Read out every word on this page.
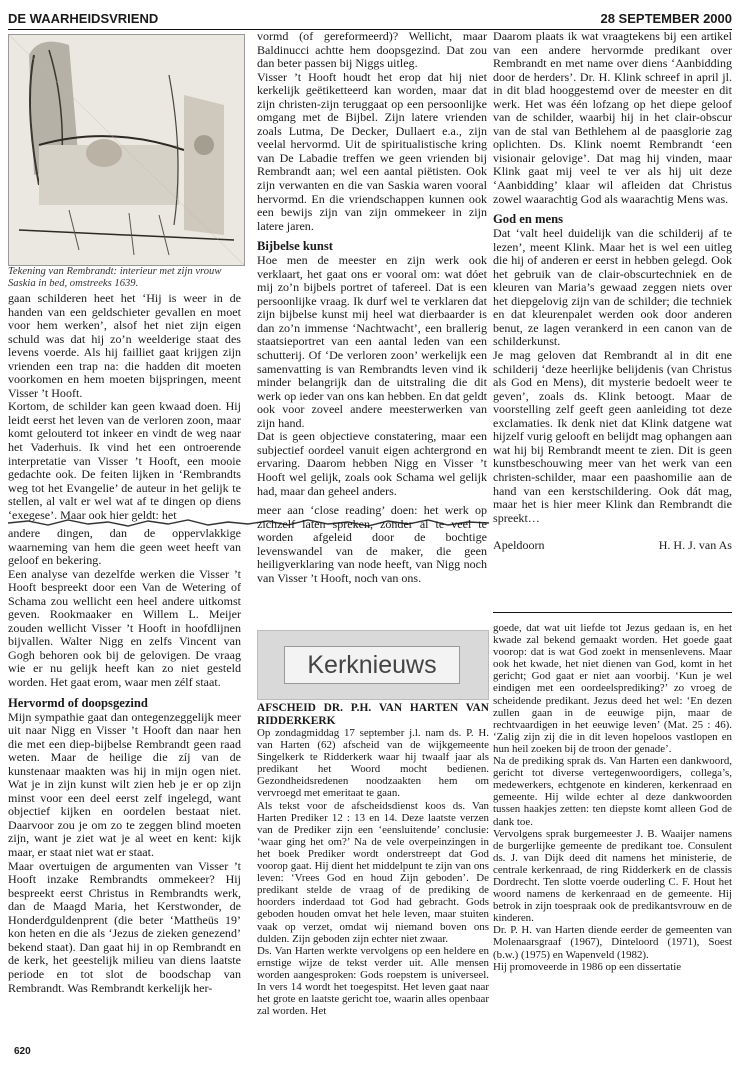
DE WAARHEIDSVRIEND	28 SEPTEMBER 2000
Tekening van Rembrandt: interieur met zijn vrouw Saskia in bed, omstreeks 1639.

gaan schilderen heet het ‘Hij is weer in de handen van een geldschieter gevallen en moet voor hem werken’, alsof het niet zijn eigen schuld was dat hij zo’n weelderige staat des levens voerde. Als hij failliet gaat krijgen zijn vrienden een trap na: die hadden dit moeten voorkomen en hem moeten bijspringen, meent Visser ’t Hooft.

Kortom, de schilder kan geen kwaad doen. Hij leidt eerst het leven van de verloren zoon, maar komt gelouterd tot inkeer en vindt de weg naar het Vaderhuis. Ik vind het een ontroerende interpretatie van Visser ’t Hooft, een mooie gedachte ook. De feiten lijken in ‘Rembrandts weg tot het Evangelie’ de auteur in het gelijk te stellen, al valt er wel wat af te dingen op diens ‘exegese’. Maar ook hier geldt: het

andere dingen, dan de oppervlakkige waarneming van hem die geen weet heeft van geloof en bekering.

Een analyse van dezelfde werken die Visser ’t Hooft bespreekt door een Van de Wetering of Schama zou wellicht een heel andere uitkomst geven. Rookmaaker en Willem L. Meijer zouden wellicht Visser ’t Hooft in hoofdlijnen bijvallen. Walter Nigg en zelfs Vincent van Gogh behoren ook bij de gelovigen. De vraag wie er nu gelijk heeft kan zo niet gesteld worden. Het gaat erom, waar men zélf staat.

Hervormd of doopsgezind

Mijn sympathie gaat dan ontegenzeggelijk meer uit naar Nigg en Visser ’t Hooft dan naar hen die met een diep-bijbelse Rembrandt geen raad weten. Maar de heilige die zíj van de kunstenaar maakten was hij in mijn ogen niet. Wat je in zijn kunst wilt zien heb je er op zijn minst voor een deel eerst zelf ingelegd, want objectief kijken en oordelen bestaat niet. Daarvoor zou je om zo te zeggen blind moeten zijn, want je ziet wat je al weet en kent: kijk maar, er staat niet wat er staat.

Maar overtuigen de argumenten van Visser ’t Hooft inzake Rembrandts ommekeer? Hij bespreekt eerst Christus in Rembrandts werk, dan de Maagd Maria, het Kerstwonder, de Honderdguldenprent (die beter ‘Mattheüs 19’ kon heten en die als ‘Jezus de zieken genezend’ bekend staat). Dan gaat hij in op Rembrandt en de kerk, het geestelijk milieu van diens laatste periode en tot slot de boodschap van Rembrandt. Was Rembrandt kerkelijk her-

vormd (of gereformeerd)? Wellicht, maar Baldinucci achtte hem doopsgezind. Dat zou dan beter passen bij Niggs uitleg.

Visser ’t Hooft houdt het erop dat hij niet kerkelijk geëtiketteerd kan worden, maar dat zijn christen-zijn teruggaat op een persoonlijke omgang met de Bijbel. Zijn latere vrienden zoals Lutma, De Decker, Dullaert e.a., zijn veelal hervormd. Uit de spiritualistische kring van De Labadie treffen we geen vrienden bij Rembrandt aan; wel een aantal piëtisten. Ook zijn verwanten en die van Saskia waren vooral hervormd. En die vriendschappen kunnen ook een bewijs zijn van zijn ommekeer in zijn latere jaren.

Bijbelse kunst

Hoe men de meester en zijn werk ook verklaart, het gaat ons er vooral om: wat dóet mij zo’n bijbels portret of tafereel. Dat is een persoonlijke vraag. Ik durf wel te verklaren dat zijn bijbelse kunst mij heel wat dierbaarder is dan zo’n immense ‘Nachtwacht’, een brallerig staatsieportret van een aantal leden van een schutterij. Of ‘De verloren zoon’ werkelijk een samenvatting is van Rembrandts leven vind ik minder belangrijk dan de uitstraling die dit werk op ieder van ons kan hebben. En dat geldt ook voor zoveel andere meesterwerken van zijn hand.

Dat is geen objectieve constatering, maar een subjectief oordeel vanuit eigen achtergrond en ervaring. Daarom hebben Nigg en Visser ’t Hooft wel gelijk, zoals ook Schama wel gelijk had, maar dan geheel anders.

meer aan ‘close reading’ doen: het werk op zichzelf laten spreken, zonder al te veel te worden afgeleid door de bochtige levenswandel van de maker, die geen heiligverklaring van node heeft, van Nigg noch van Visser ’t Hooft, noch van ons.

Daarom plaats ik wat vraagtekens bij een artikel van een andere hervormde predikant over Rembrandt en met name over diens ‘Aanbidding door de herders’. Dr. H. Klink schreef in april jl. in dit blad hooggestemd over de meester en dit werk. Het was één lofzang op het diepe geloof van de schilder, waarbij hij in het clair-obscur van de stal van Bethlehem al de paasglorie zag oplichten. Ds. Klink noemt Rembrandt ‘een visionair gelovige’. Dat mag hij vinden, maar Klink gaat mij veel te ver als hij uit deze ‘Aanbidding’ klaar wil afleiden dat Christus zowel waarachtig God als waarachtig Mens was.

God en mens

Dat ‘valt heel duidelijk van die schilderij af te lezen’, meent Klink. Maar het is wel een uitleg die hij of anderen er eerst in hebben gelegd. Ook het gebruik van de clair-obscurtechniek en de kleuren van Maria’s gewaad zeggen niets over het diepgelovig zijn van de schilder; die techniek en dat kleurenpalet werden ook door anderen benut, ze lagen verankerd in een canon van de schilderkunst.

Je mag geloven dat Rembrandt al in dit ene schilderij ‘deze heerlijke belijdenis (van Christus als God en Mens), dit mysterie bedoelt weer te geven’, zoals ds. Klink betoogt. Maar de voorstelling zelf geeft geen aanleiding tot deze exclamaties. Ik denk niet dat Klink datgene wat hijzelf vurig gelooft en belijdt mag ophangen aan wat hij bij Rembrandt meent te zien. Dit is geen kunstbeschouwing meer van het werk van een christen-schilder, maar een paashomilie aan de hand van een kerstschildering. Ook dát mag, maar het is hier meer Klink dan Rembrandt die spreekt…

Apeldoorn	H. H. J. van As
Kerknieuws
AFSCHEID DR. P.H. VAN HARTEN VAN RIDDERKERK

Op zondagmiddag 17 september j.l. nam ds. P. H. van Harten (62) afscheid van de wijkgemeente Singelkerk te Ridderkerk waar hij twaalf jaar als predikant het Woord mocht bedienen. Gezondheidsredenen noodzaakten hem om vervroegd met emeritaat te gaan.

Als tekst voor de afscheidsdienst koos ds. Van Harten Prediker 12 : 13 en 14. Deze laatste verzen van de Prediker zijn een ‘eensluitende’ conclusie: ‘waar ging het om?’ Na de vele overpeinzingen in het boek Prediker wordt onderstreept dat God voorop gaat. Hij dient het middelpunt te zijn van ons leven: ‘Vrees God en houd Zijn geboden’. De predikant stelde de vraag of de prediking de hoorders inderdaad tot God had gebracht. Gods geboden houden omvat het hele leven, maar stuiten vaak op verzet, omdat wij niemand boven ons dulden. Zijn geboden zijn echter niet zwaar.

Ds. Van Harten werkte vervolgens op een heldere en ernstige wijze de tekst verder uit. Alle mensen worden aangesproken: Gods roepstem is universeel. In vers 14 wordt het toegespitst. Het leven gaat naar het grote en laatste gericht toe, waarin alles openbaar zal worden. Het

goede, dat wat uit liefde tot Jezus gedaan is, en het kwade zal bekend gemaakt worden. Het goede gaat voorop: dat is wat God zoekt in mensenlevens. Maar ook het kwade, het niet dienen van God, komt in het gericht; God gaat er niet aan voorbij. ‘Kun je wel eindigen met een oordeelsprediking?’ zo vroeg de scheidende predikant. Jezus deed het wel: ‘En dezen zullen gaan in de eeuwige pijn, maar de rechtvaardigen in het eeuwige leven’ (Mat. 25 : 46). ‘Zalig zijn zij die in dit leven hopeloos vastlopen en hun heil zoeken bij de troon der genade’.

Na de prediking sprak ds. Van Harten een dankwoord, gericht tot diverse vertegenwoordigers, collega’s, medewerkers, echtgenote en kinderen, kerkenraad en gemeente. Hij wilde echter al deze dankwoorden tussen haakjes zetten: ten diepste komt alleen God de dank toe.

Vervolgens sprak burgemeester J. B. Waaijer namens de burgerlijke gemeente de predikant toe. Consulent ds. J. van Dijk deed dit namens het ministerie, de centrale kerkenraad, de ring Ridderkerk en de classis Dordrecht. Ten slotte voerde ouderling C. F. Hout het woord namens de kerkenraad en de gemeente. Hij betrok in zijn toespraak ook de predikantsvrouw en de kinderen.

Dr. P. H. van Harten diende eerder de gemeenten van Molenaarsgraaf (1967), Dinteloord (1971), Soest (b.w.) (1975) en Wapenveld (1982).

Hij promoveerde in 1986 op een dissertatie

620
